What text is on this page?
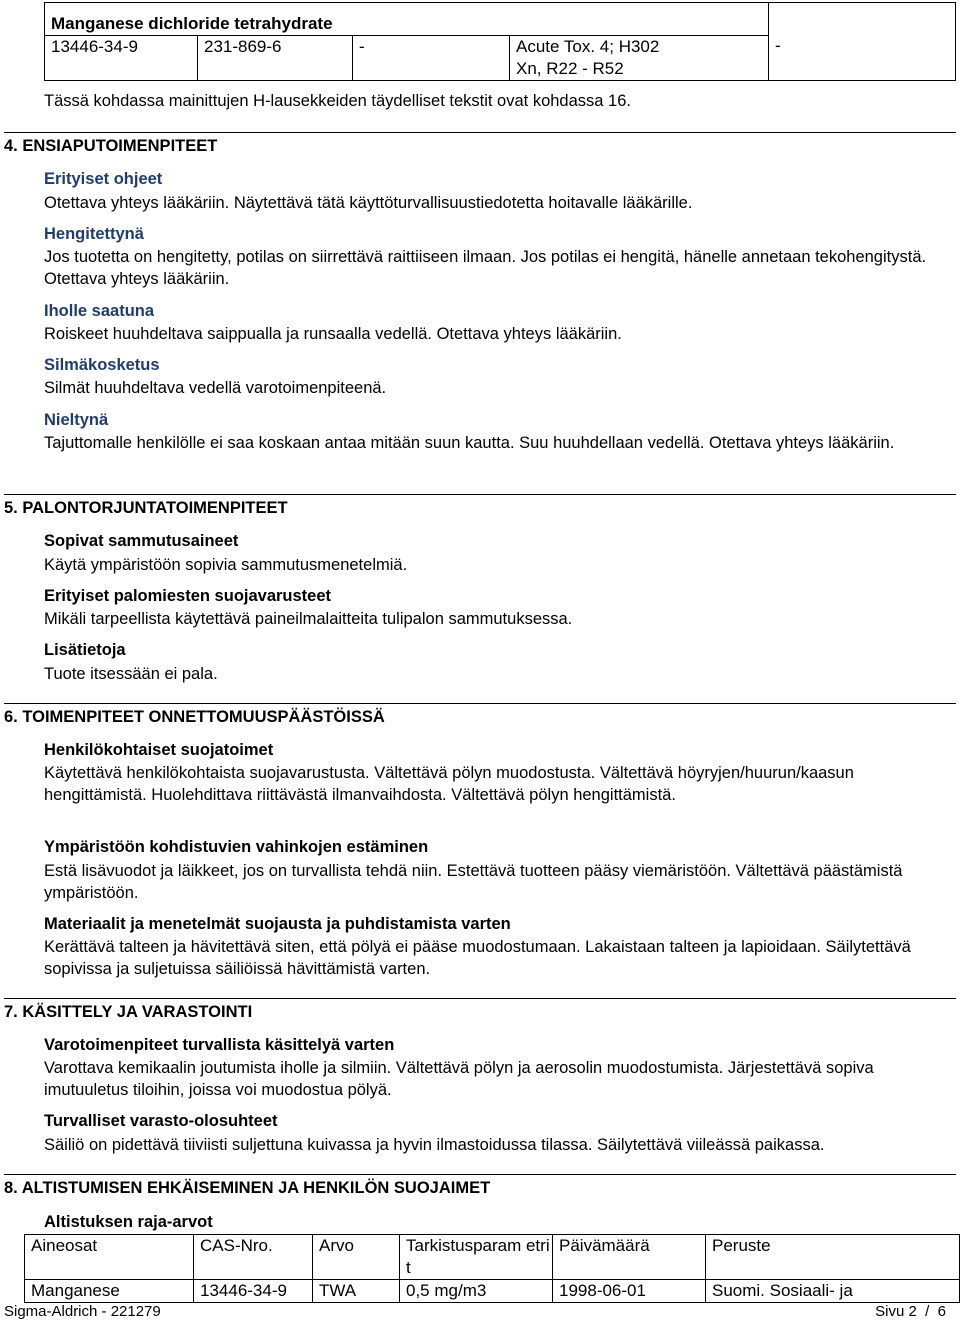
Manganese dichloride tetrahydrate				-
13446-34-9	231-869-6	-	Acute Tox. 4; H302
Xn, R22 - R52	
Tässä kohdassa mainittujen H-lausekkeiden täydelliset tekstit ovat kohdassa 16.
4. ENSIAPUTOIMENPITEET
Erityiset ohjeet
Otettava yhteys lääkäriin. Näytettävä tätä käyttöturvallisuustiedotetta hoitavalle lääkärille.
Hengitettynä
Jos tuotetta on hengitetty, potilas on siirrettävä raittiiseen ilmaan. Jos potilas ei hengitä, hänelle annetaan tekohengitystä. Otettava yhteys lääkäriin.
Iholle saatuna
Roiskeet huuhdeltava saippualla ja runsaalla vedellä. Otettava yhteys lääkäriin.
Silmäkosketus
Silmät huuhdeltava vedellä varotoimenpiteenä.
Nieltynä
Tajuttomalle henkilölle ei saa koskaan antaa mitään suun kautta. Suu huuhdellaan vedellä. Otettava yhteys lääkäriin.
5. PALONTORJUNTATOIMENPITEET
Sopivat sammutusaineet
Käytä ympäristöön sopivia sammutusmenetelmiä.
Erityiset palomiesten suojavarusteet
Mikäli tarpeellista käytettävä paineilmalaitteita tulipalon sammutuksessa.
Lisätietoja
Tuote itsessään ei pala.
6. TOIMENPITEET ONNETTOMUUSPÄÄSTÖISSÄ
Henkilökohtaiset suojatoimet
Käytettävä henkilökohtaista suojavarustusta. Vältettävä pölyn muodostusta. Vältettävä höyryjen/huurun/kaasun hengittämistä. Huolehdittava riittävästä ilmanvaihdosta. Vältettävä pölyn hengittämistä.
Ympäristöön kohdistuvien vahinkojen estäminen
Estä lisävuodot ja läikkeet, jos on turvallista tehdä niin. Estettävä tuotteen pääsy viemäristöön. Vältettävä päästämistä ympäristöön.
Materiaalit ja menetelmät suojausta ja puhdistamista varten
Kerättävä talteen ja hävitettävä siten, että pölyä ei pääse muodostumaan. Lakaistaan talteen ja lapioidaan. Säilytettävä sopivissa ja suljetuissa säiliöissä hävittämistä varten.
7. KÄSITTELY JA VARASTOINTI
Varotoimenpiteet turvallista käsittelyä varten
Varottava kemikaalin joutumista iholle ja silmiin. Vältettävä pölyn ja aerosolin muodostumista. Järjestettävä sopiva imutuuletus tiloihin, joissa voi muodostua pölyä.
Turvalliset varasto-olosuhteet
Säiliö on pidettävä tiiviisti suljettuna kuivassa ja hyvin ilmastoidussa tilassa. Säilytettävä viileässä paikassa.
8. ALTISTUMISEN EHKÄISEMINEN JA HENKILÖN SUOJAIMET
Altistuksen raja-arvot
Aineosat	CAS-Nro.	Arvo	Tarkistusparam etrit	Päivämäärä	Peruste
Manganese	13446-34-9	TWA	0,5 mg/m3	1998-06-01	Suomi. Sosiaali- ja
Sigma-Aldrich - 221279	Sivu 2  /  6
